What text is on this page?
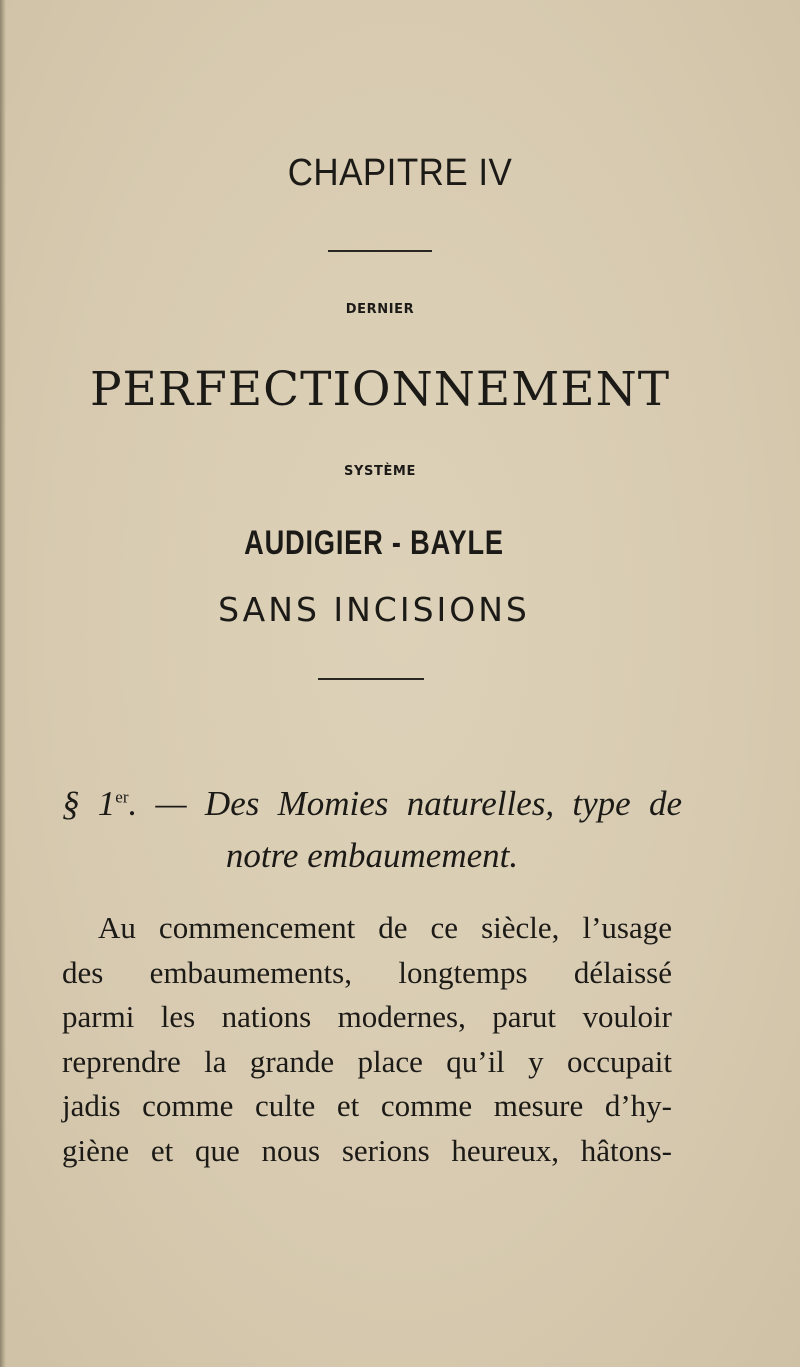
CHAPITRE IV
DERNIER
PERFECTIONNEMENT
SYSTÈME
AUDIGIER - BAYLE
SANS INCISIONS
§ 1er. — Des Momies naturelles, type de
notre embaumement.
Au commencement de ce siècle, l’usage
des embaumements, longtemps délaissé
parmi les nations modernes, parut vouloir
reprendre la grande place qu’il y occupait
jadis comme culte et comme mesure d’hy-
giène et que nous serions heureux, hâtons-
